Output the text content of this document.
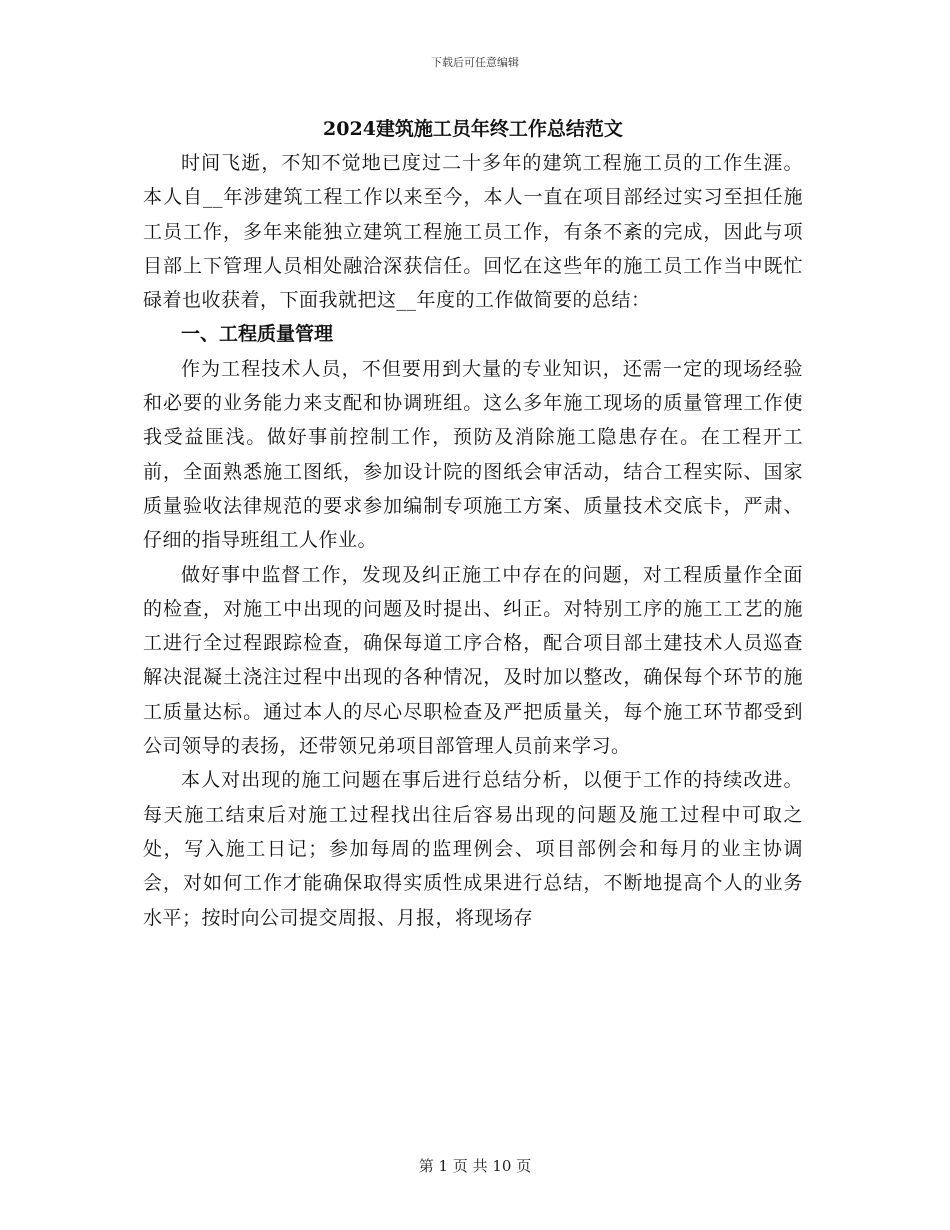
下载后可任意编辑
2024建筑施工员年终工作总结范文

时间飞逝，不知不觉地已度过二十多年的建筑工程施工员的工作生涯。本人自__年涉建筑工程工作以来至今，本人一直在项目部经过实习至担任施工员工作，多年来能独立建筑工程施工员工作，有条不紊的完成，因此与项目部上下管理人员相处融洽深获信任。回忆在这些年的施工员工作当中既忙碌着也收获着，下面我就把这__年度的工作做简要的总结：

一、工程质量管理

作为工程技术人员，不但要用到大量的专业知识，还需一定的现场经验和必要的业务能力来支配和协调班组。这么多年施工现场的质量管理工作使我受益匪浅。做好事前控制工作，预防及消除施工隐患存在。在工程开工前，全面熟悉施工图纸，参加设计院的图纸会审活动，结合工程实际、国家质量验收法律规范的要求参加编制专项施工方案、质量技术交底卡，严肃、仔细的指导班组工人作业。

做好事中监督工作，发现及纠正施工中存在的问题，对工程质量作全面的检查，对施工中出现的问题及时提出、纠正。对特别工序的施工工艺的施工进行全过程跟踪检查，确保每道工序合格，配合项目部土建技术人员巡查解决混凝土浇注过程中出现的各种情况，及时加以整改，确保每个环节的施工质量达标。通过本人的尽心尽职检查及严把质量关，每个施工环节都受到公司领导的表扬，还带领兄弟项目部管理人员前来学习。

本人对出现的施工问题在事后进行总结分析，以便于工作的持续改进。每天施工结束后对施工过程找出往后容易出现的问题及施工过程中可取之处，写入施工日记；参加每周的监理例会、项目部例会和每月的业主协调会，对如何工作才能确保取得实质性成果进行总结，不断地提高个人的业务水平；按时向公司提交周报、月报，将现场存

第 1 页 共 10 页
